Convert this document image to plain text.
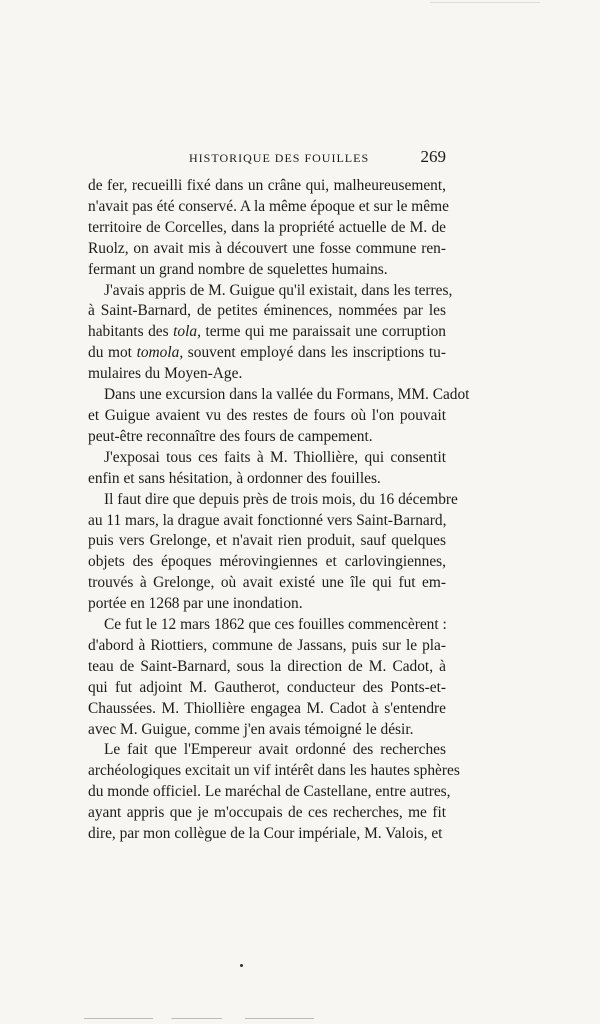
HISTORIQUE DES FOUILLES	269
de fer, recueilli fixé dans un crâne qui, malheureusement,
n'avait pas été conservé. A la même époque et sur le même
territoire de Corcelles, dans la propriété actuelle de M. de
Ruolz, on avait mis à découvert une fosse commune ren-
fermant un grand nombre de squelettes humains.
J'avais appris de M. Guigue qu'il existait, dans les terres,
à Saint-Barnard, de petites éminences, nommées par les
habitants des tola, terme qui me paraissait une corruption
du mot tomola, souvent employé dans les inscriptions tu-
mulaires du Moyen-Age.
Dans une excursion dans la vallée du Formans, MM. Cadot
et Guigue avaient vu des restes de fours où l'on pouvait
peut-être reconnaître des fours de campement.
J'exposai tous ces faits à M. Thiollière, qui consentit
enfin et sans hésitation, à ordonner des fouilles.
Il faut dire que depuis près de trois mois, du 16 décembre
au 11 mars, la drague avait fonctionné vers Saint-Barnard,
puis vers Grelonge, et n'avait rien produit, sauf quelques
objets des époques mérovingiennes et carlovingiennes,
trouvés à Grelonge, où avait existé une île qui fut em-
portée en 1268 par une inondation.
Ce fut le 12 mars 1862 que ces fouilles commencèrent :
d'abord à Riottiers, commune de Jassans, puis sur le pla-
teau de Saint-Barnard, sous la direction de M. Cadot, à
qui fut adjoint M. Gautherot, conducteur des Ponts-et-
Chaussées. M. Thiollière engagea M. Cadot à s'entendre
avec M. Guigue, comme j'en avais témoigné le désir.
Le fait que l'Empereur avait ordonné des recherches
archéologiques excitait un vif intérêt dans les hautes sphères
du monde officiel. Le maréchal de Castellane, entre autres,
ayant appris que je m'occupais de ces recherches, me fit
dire, par mon collègue de la Cour impériale, M. Valois, et
